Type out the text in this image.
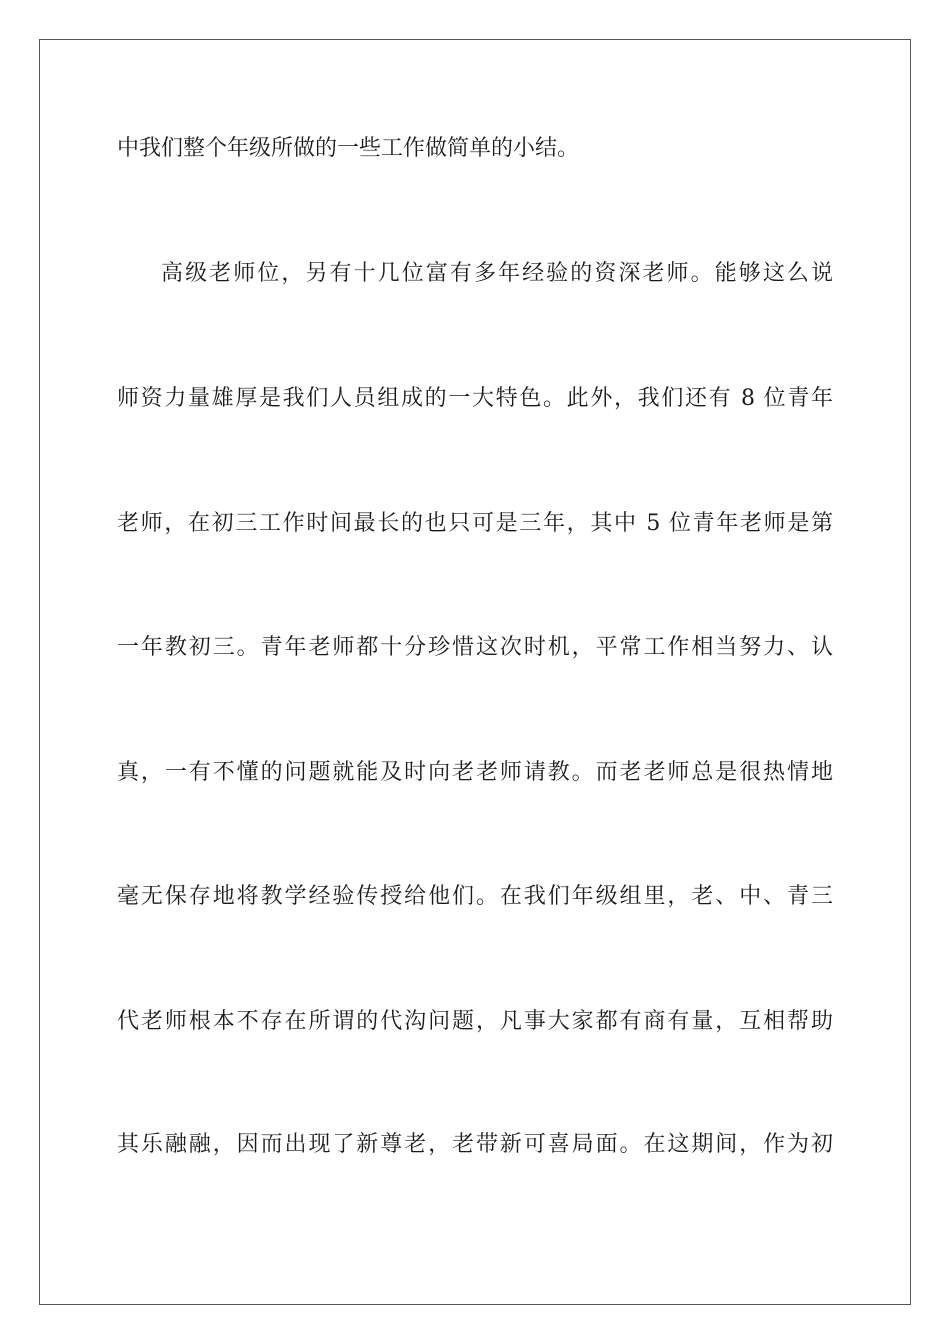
中我们整个年级所做的一些工作做简单的小结。
高级老师位，另有十几位富有多年经验的资深老师。能够这么说
师资力量雄厚是我们人员组成的一大特色。此外，我们还有 8 位青年
老师，在初三工作时间最长的也只可是三年，其中 5 位青年老师是第
一年教初三。青年老师都十分珍惜这次时机，平常工作相当努力、认
真，一有不懂的问题就能及时向老老师请教。而老老师总是很热情地
毫无保存地将教学经验传授给他们。在我们年级组里，老、中、青三
代老师根本不存在所谓的代沟问题，凡事大家都有商有量，互相帮助
其乐融融，因而出现了新尊老，老带新可喜局面。在这期间，作为初
